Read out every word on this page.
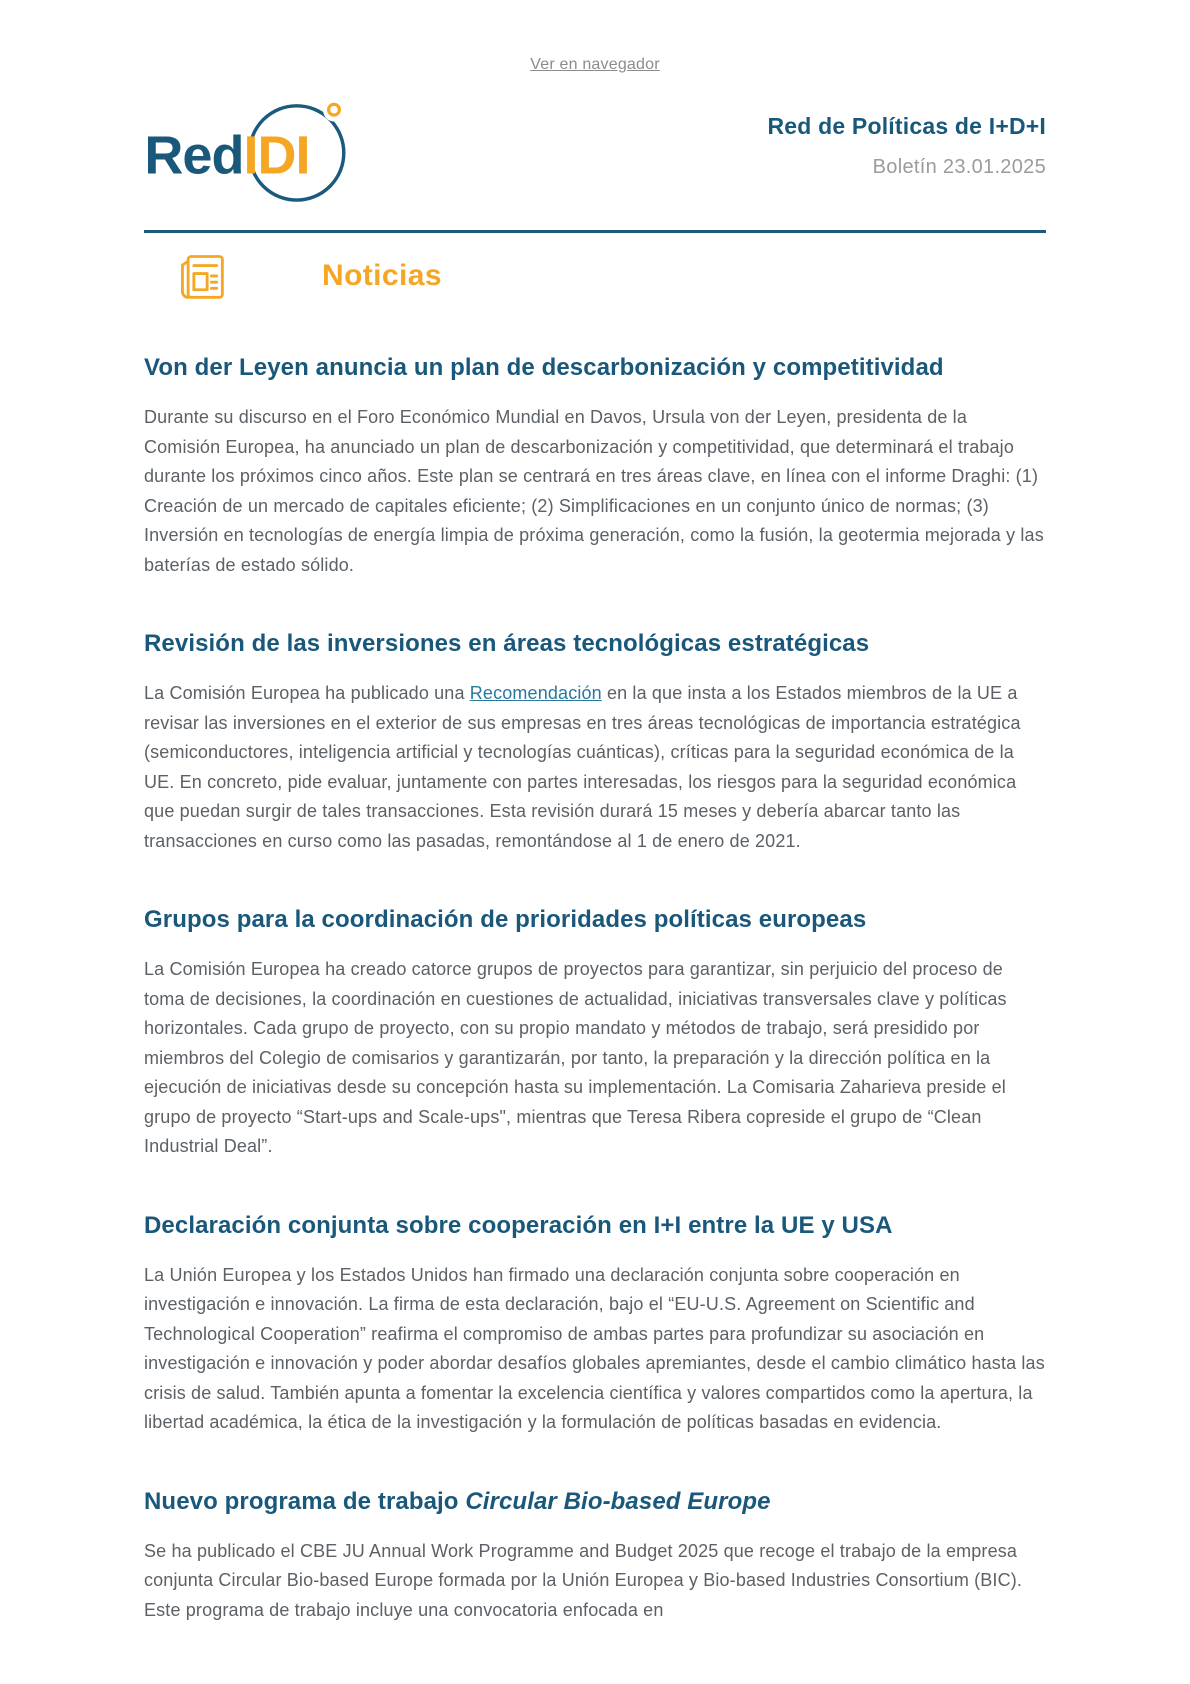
Ver en navegador
RedIDI	Red de Políticas de I+D+I
Boletín 23.01.2025
Noticias
Von der Leyen anuncia un plan de descarbonización y competitividad

Durante su discurso en el Foro Económico Mundial en Davos, Ursula von der Leyen, presidenta de la Comisión Europea, ha anunciado un plan de descarbonización y competitividad, que determinará el trabajo durante los próximos cinco años. Este plan se centrará en tres áreas clave, en línea con el informe Draghi: (1) Creación de un mercado de capitales eficiente; (2) Simplificaciones en un conjunto único de normas; (3) Inversión en tecnologías de energía limpia de próxima generación, como la fusión, la geotermia mejorada y las baterías de estado sólido.

Revisión de las inversiones en áreas tecnológicas estratégicas

La Comisión Europea ha publicado una Recomendación en la que insta a los Estados miembros de la UE a revisar las inversiones en el exterior de sus empresas en tres áreas tecnológicas de importancia estratégica (semiconductores, inteligencia artificial y tecnologías cuánticas), críticas para la seguridad económica de la UE. En concreto, pide evaluar, juntamente con partes interesadas, los riesgos para la seguridad económica que puedan surgir de tales transacciones. Esta revisión durará 15 meses y debería abarcar tanto las transacciones en curso como las pasadas, remontándose al 1 de enero de 2021.

Grupos para la coordinación de prioridades políticas europeas

La Comisión Europea ha creado catorce grupos de proyectos para garantizar, sin perjuicio del proceso de toma de decisiones, la coordinación en cuestiones de actualidad, iniciativas transversales clave y políticas horizontales. Cada grupo de proyecto, con su propio mandato y métodos de trabajo, será presidido por miembros del Colegio de comisarios y garantizarán, por tanto, la preparación y la dirección política en la ejecución de iniciativas desde su concepción hasta su implementación. La Comisaria Zaharieva preside el grupo de proyecto “Start-ups and Scale-ups", mientras que Teresa Ribera copreside el grupo de “Clean Industrial Deal”.

Declaración conjunta sobre cooperación en I+I entre la UE y USA

La Unión Europea y los Estados Unidos han firmado una declaración conjunta sobre cooperación en investigación e innovación. La firma de esta declaración, bajo el “EU-U.S. Agreement on Scientific and Technological Cooperation” reafirma el compromiso de ambas partes para profundizar su asociación en investigación e innovación y poder abordar desafíos globales apremiantes, desde el cambio climático hasta las crisis de salud. También apunta a fomentar la excelencia científica y valores compartidos como la apertura, la libertad académica, la ética de la investigación y la formulación de políticas basadas en evidencia.

Nuevo programa de trabajo Circular Bio-based Europe

Se ha publicado el CBE JU Annual Work Programme and Budget 2025 que recoge el trabajo de la empresa conjunta Circular Bio-based Europe formada por la Unión Europea y Bio-based Industries Consortium (BIC). Este programa de trabajo incluye una convocatoria enfocada en
